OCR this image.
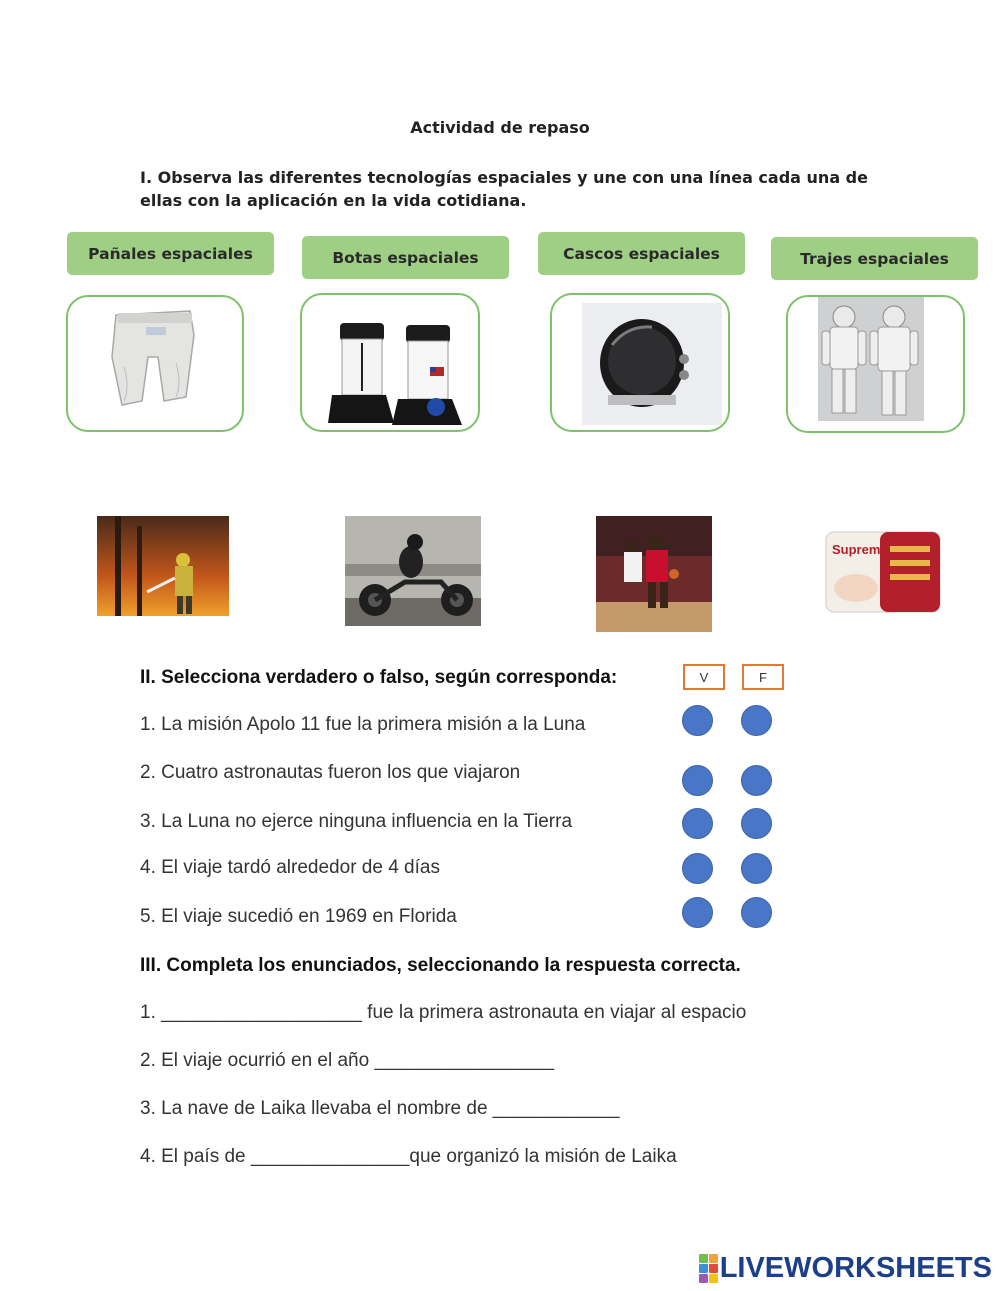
Actividad de repaso
I. Observa las diferentes tecnologías espaciales y une con una línea cada una de ellas con la aplicación en la vida cotidiana.
Pañales espaciales	Botas espaciales	Cascos espaciales	Trajes espaciales
Supreme
II. Selecciona verdadero o falso, según corresponda:	V	F
1. La misión Apolo 11 fue la primera misión a la Luna
2. Cuatro astronautas fueron los que viajaron
3. La Luna no ejerce ninguna influencia en la Tierra
4. El viaje tardó alrededor de 4 días
5. El viaje sucedió en 1969 en Florida
III. Completa los enunciados, seleccionando la respuesta correcta.
1. ___________________ fue la primera astronauta en viajar al espacio
2. El viaje ocurrió en el año _________________
3. La nave de Laika llevaba el nombre de ____________
4. El país de _______________que organizó la misión de Laika
LIVEWORKSHEETS
